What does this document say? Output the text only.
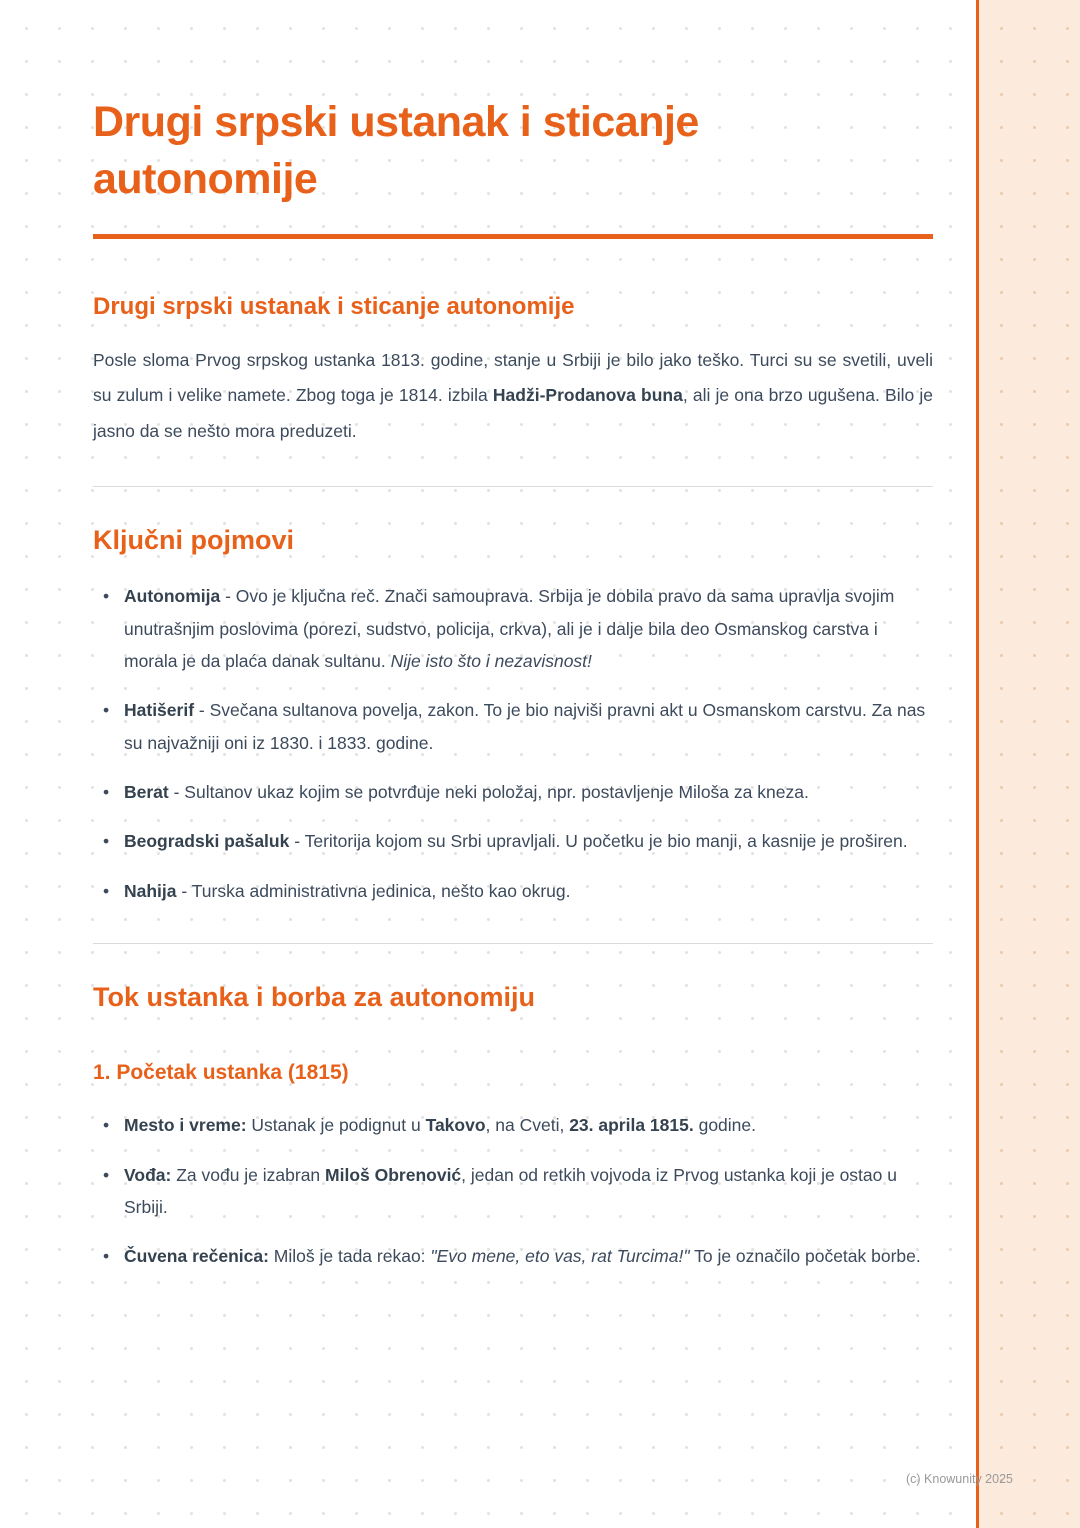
Drugi srpski ustanak i sticanje autonomije
Drugi srpski ustanak i sticanje autonomije

Posle sloma Prvog srpskog ustanka 1813. godine, stanje u Srbiji je bilo jako teško. Turci su se svetili, uveli su zulum i velike namete. Zbog toga je 1814. izbila Hadži-Prodanova buna, ali je ona brzo ugušena. Bilo je jasno da se nešto mora preduzeti.

Ključni pojmovi
• Autonomija - Ovo je ključna reč. Znači samouprava. Srbija je dobila pravo da sama upravlja svojim unutrašnjim poslovima (porezi, sudstvo, policija, crkva), ali je i dalje bila deo Osmanskog carstva i morala je da plaća danak sultanu. Nije isto što i nezavisnost!
• Hatišerif - Svečana sultanova povelja, zakon. To je bio najviši pravni akt u Osmanskom carstvu. Za nas su najvažniji oni iz 1830. i 1833. godine.
• Berat - Sultanov ukaz kojim se potvrđuje neki položaj, npr. postavljenje Miloša za kneza.
• Beogradski pašaluk - Teritorija kojom su Srbi upravljali. U početku je bio manji, a kasnije je proširen.
• Nahija - Turska administrativna jedinica, nešto kao okrug.
Tok ustanka i borba za autonomiju
1. Početak ustanka (1815)
• Mesto i vreme: Ustanak je podignut u Takovo, na Cveti, 23. aprila 1815. godine.
• Vođa: Za vođu je izabran Miloš Obrenović, jedan od retkih vojvoda iz Prvog ustanka koji je ostao u Srbiji.
• Čuvena rečenica: Miloš je tada rekao: "Evo mene, eto vas, rat Turcima!" To je označilo početak borbe.
(c) Knowunity 2025
